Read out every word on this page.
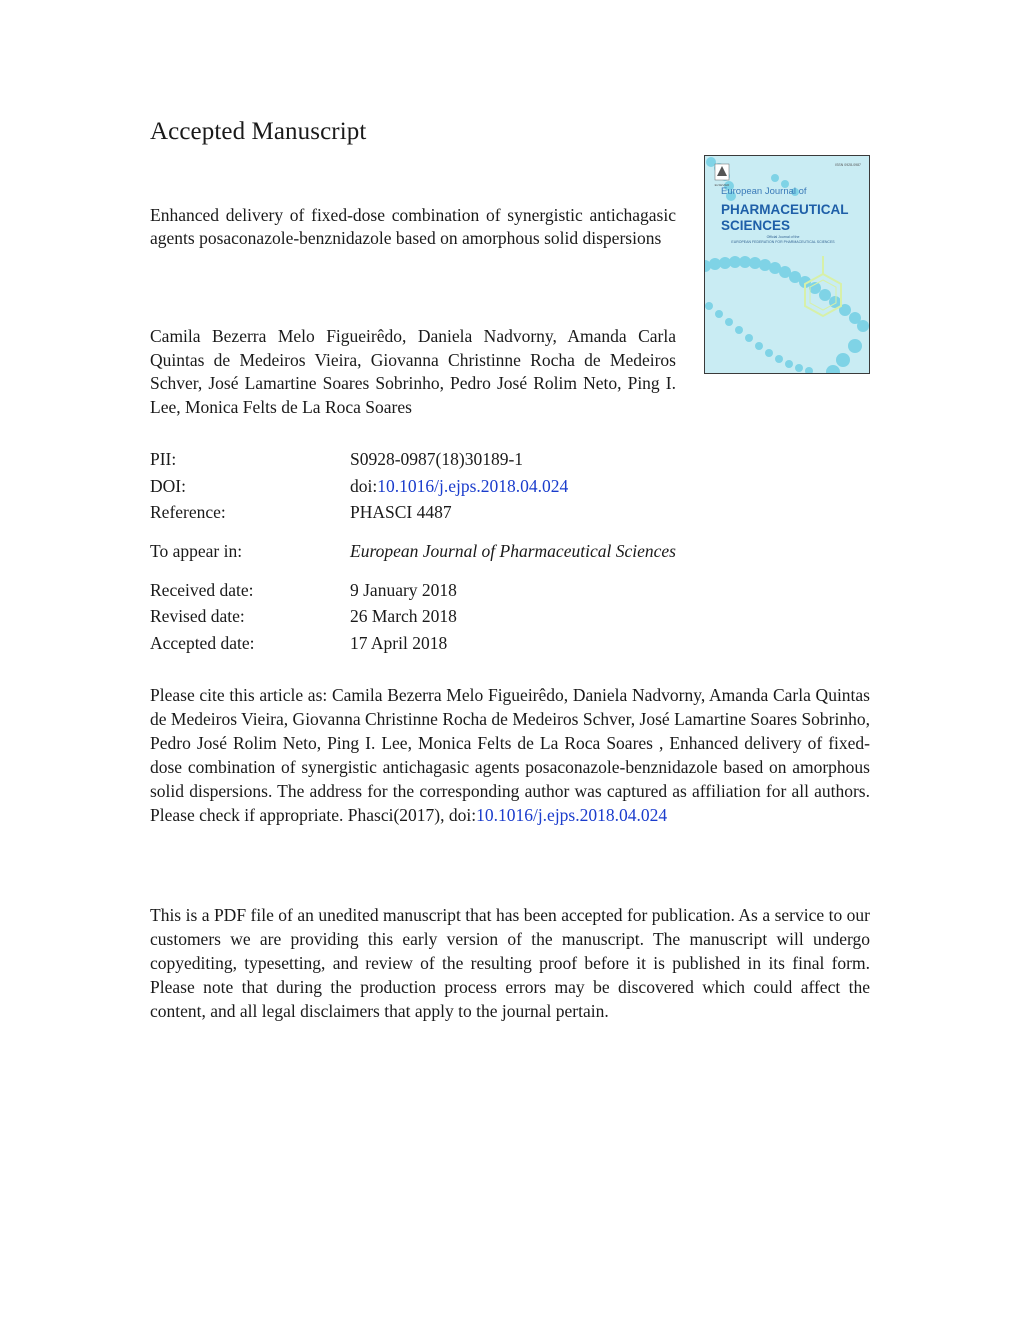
Accepted Manuscript
Enhanced delivery of fixed-dose combination of synergistic antichagasic agents posaconazole-benznidazole based on amorphous solid dispersions
Camila Bezerra Melo Figueirêdo, Daniela Nadvorny, Amanda Carla Quintas de Medeiros Vieira, Giovanna Christinne Rocha de Medeiros Schver, José Lamartine Soares Sobrinho, Pedro José Rolim Neto, Ping I. Lee, Monica Felts de La Roca Soares
ELSEVIER
ISSN 0928-0987
European Journal of
PHARMACEUTICAL
SCIENCES
Official Journal of the
EUROPEAN FEDERATION FOR PHARMACEUTICAL SCIENCES
PII:	S0928-0987(18)30189-1
DOI:	doi:10.1016/j.ejps.2018.04.024
Reference:	PHASCI 4487
To appear in:	European Journal of Pharmaceutical Sciences
Received date:	9 January 2018
Revised date:	26 March 2018
Accepted date:	17 April 2018
Please cite this article as: Camila Bezerra Melo Figueirêdo, Daniela Nadvorny, Amanda Carla Quintas de Medeiros Vieira, Giovanna Christinne Rocha de Medeiros Schver, José Lamartine Soares Sobrinho, Pedro José Rolim Neto, Ping I. Lee, Monica Felts de La Roca Soares , Enhanced delivery of fixed-dose combination of synergistic antichagasic agents posaconazole-benznidazole based on amorphous solid dispersions. The address for the corresponding author was captured as affiliation for all authors. Please check if appropriate. Phasci(2017), doi:10.1016/j.ejps.2018.04.024
This is a PDF file of an unedited manuscript that has been accepted for publication. As a service to our customers we are providing this early version of the manuscript. The manuscript will undergo copyediting, typesetting, and review of the resulting proof before it is published in its final form. Please note that during the production process errors may be discovered which could affect the content, and all legal disclaimers that apply to the journal pertain.
